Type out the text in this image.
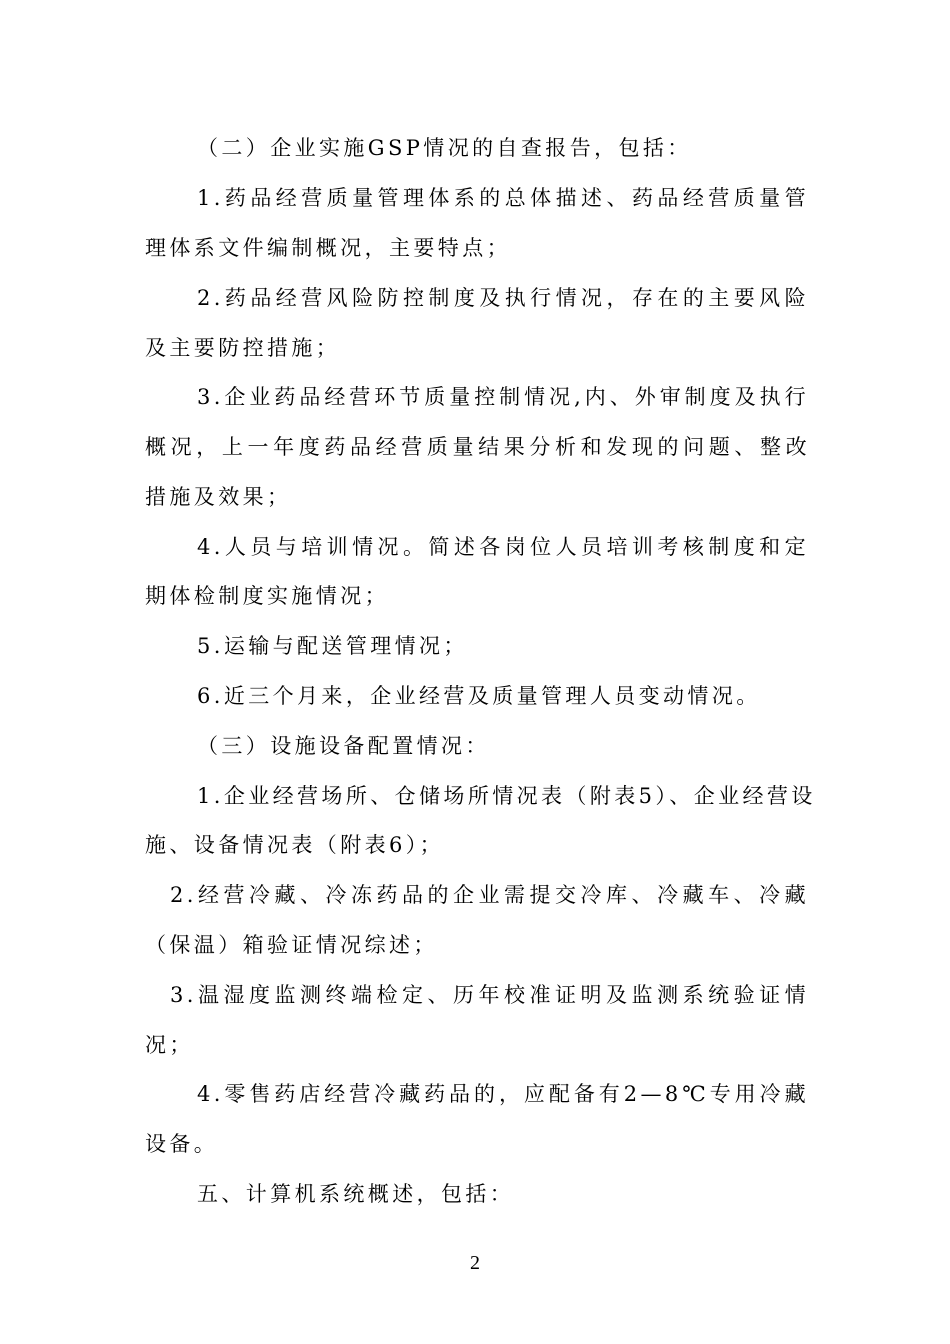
（二）企业实施GSP情况的自查报告，包括：
1.药品经营质量管理体系的总体描述、药品经营质量管
理体系文件编制概况，主要特点；
2.药品经营风险防控制度及执行情况，存在的主要风险
及主要防控措施；
3.企业药品经营环节质量控制情况,内、外审制度及执行
概况，上一年度药品经营质量结果分析和发现的问题、整改
措施及效果；
4.人员与培训情况。简述各岗位人员培训考核制度和定
期体检制度实施情况；
5.运输与配送管理情况；
6.近三个月来，企业经营及质量管理人员变动情况。
（三）设施设备配置情况：
1.企业经营场所、仓储场所情况表（附表5）、企业经营设
施、设备情况表（附表6）；
2.经营冷藏、冷冻药品的企业需提交冷库、冷藏车、冷藏
（保温）箱验证情况综述；
3.温湿度监测终端检定、历年校准证明及监测系统验证情
况；
4.零售药店经营冷藏药品的，应配备有2—8℃专用冷藏
设备。
五、计算机系统概述，包括：
2
